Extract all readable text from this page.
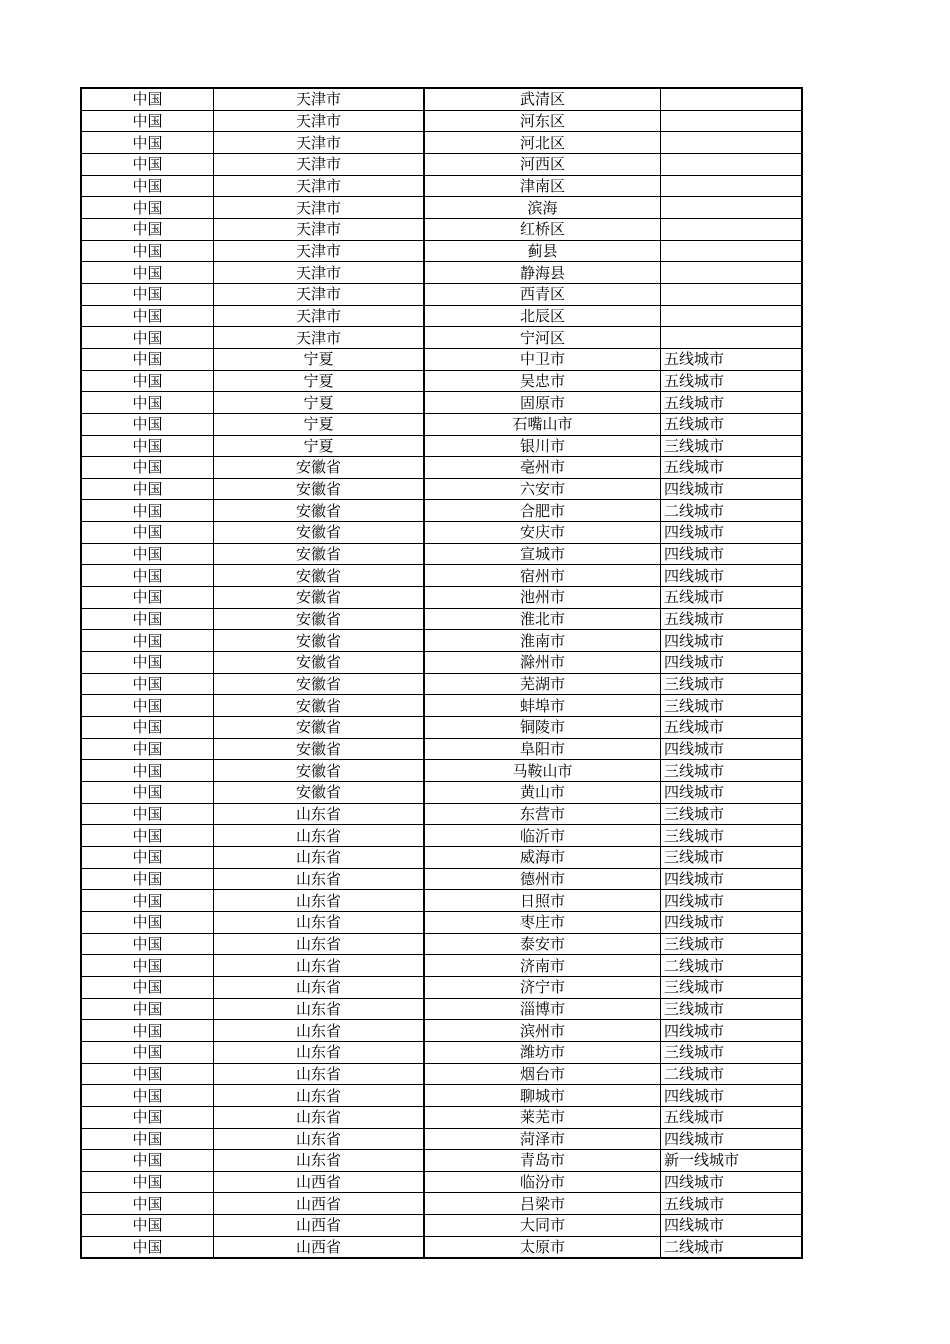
中国	天津市	武清区	
中国	天津市	河东区	
中国	天津市	河北区	
中国	天津市	河西区	
中国	天津市	津南区	
中国	天津市	滨海	
中国	天津市	红桥区	
中国	天津市	蓟县	
中国	天津市	静海县	
中国	天津市	西青区	
中国	天津市	北辰区	
中国	天津市	宁河区	
中国	宁夏	中卫市	五线城市
中国	宁夏	吴忠市	五线城市
中国	宁夏	固原市	五线城市
中国	宁夏	石嘴山市	五线城市
中国	宁夏	银川市	三线城市
中国	安徽省	亳州市	五线城市
中国	安徽省	六安市	四线城市
中国	安徽省	合肥市	二线城市
中国	安徽省	安庆市	四线城市
中国	安徽省	宣城市	四线城市
中国	安徽省	宿州市	四线城市
中国	安徽省	池州市	五线城市
中国	安徽省	淮北市	五线城市
中国	安徽省	淮南市	四线城市
中国	安徽省	滁州市	四线城市
中国	安徽省	芜湖市	三线城市
中国	安徽省	蚌埠市	三线城市
中国	安徽省	铜陵市	五线城市
中国	安徽省	阜阳市	四线城市
中国	安徽省	马鞍山市	三线城市
中国	安徽省	黄山市	四线城市
中国	山东省	东营市	三线城市
中国	山东省	临沂市	三线城市
中国	山东省	威海市	三线城市
中国	山东省	德州市	四线城市
中国	山东省	日照市	四线城市
中国	山东省	枣庄市	四线城市
中国	山东省	泰安市	三线城市
中国	山东省	济南市	二线城市
中国	山东省	济宁市	三线城市
中国	山东省	淄博市	三线城市
中国	山东省	滨州市	四线城市
中国	山东省	潍坊市	三线城市
中国	山东省	烟台市	二线城市
中国	山东省	聊城市	四线城市
中国	山东省	莱芜市	五线城市
中国	山东省	菏泽市	四线城市
中国	山东省	青岛市	新一线城市
中国	山西省	临汾市	四线城市
中国	山西省	吕梁市	五线城市
中国	山西省	大同市	四线城市
中国	山西省	太原市	二线城市
